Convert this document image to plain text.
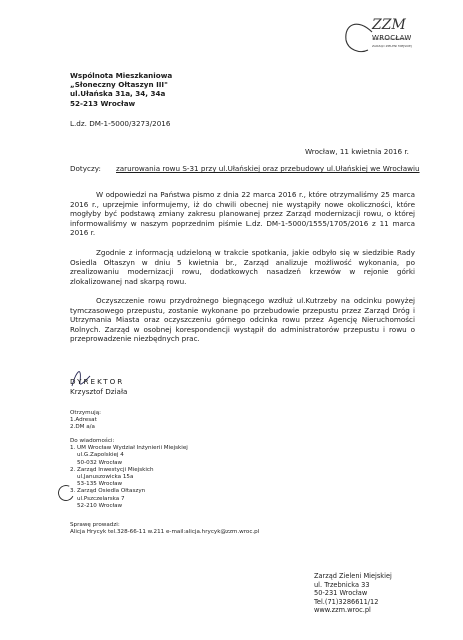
ZZM
WROCŁAW
ZARZĄD ZIELENI MIEJSKIEJ
Wspólnota Mieszkaniowa
„Słoneczny Ołtaszyn III"
ul.Ułańska 31a, 34, 34a
52-213 Wrocław
L.dz. DM-1-5000/3273/2016
Wrocław, 11 kwietnia 2016 r.
Dotyczy: zarurowania rowu S-31 przy ul.Ułańskiej oraz przebudowy ul.Ułańskiej we Wrocławiu
W odpowiedzi na Państwa pismo z dnia 22 marca 2016 r., które otrzymaliśmy 25 marca 2016 r., uprzejmie informujemy, iż do chwili obecnej nie wystąpiły nowe okoliczności, które mogłyby być podstawą zmiany zakresu planowanej przez Zarząd modernizacji rowu, o której informowaliśmy w naszym poprzednim piśmie L.dz. DM-1-5000/1555/1705/2016 z 11 marca 2016 r.
Zgodnie z informacją udzieloną w trakcie spotkania, jakie odbyło się w siedzibie Rady Osiedla Ołtaszyn w dniu 5 kwietnia br., Zarząd analizuje możliwość wykonania, po zrealizowaniu modernizacji rowu, dodatkowych nasadzeń krzewów w rejonie górki zlokalizowanej nad skarpą rowu.
Oczyszczenie rowu przydrożnego biegnącego wzdłuż ul.Kutrzeby na odcinku powyżej tymczasowego przepustu, zostanie wykonane po przebudowie przepustu przez Zarząd Dróg i Utrzymania Miasta oraz oczyszczeniu górnego odcinka rowu przez Agencję Nieruchomości Rolnych. Zarząd w osobnej korespondencji wystąpił do administratorów przepustu i rowu o przeprowadzenie niezbędnych prac.
DYREKTOR
Krzysztof Działa
Otrzymują:
1.Adresat
2.DM a/a
Do wiadomości:
1. UM Wrocław Wydział Inżynierii Miejskiej
ul.G.Zapolskiej 4
50-032 Wrocław
2. Zarząd Inwestycji Miejskich
ul.Januszowicka 15a
53-135 Wrocław
3. Zarząd Osiedla Ołtaszyn
ul.Pszczelarska 7
52-210 Wrocław
Sprawę prowadzi:
Alicja Hrycyk tel.328-66-11 w.211 e-mail:alicja.hrycyk@zzm.wroc.pl
Zarząd Zieleni Miejskiej
ul. Trzebnicka 33
50-231 Wrocław
Tel.(71)3286611/12
www.zzm.wroc.pl
